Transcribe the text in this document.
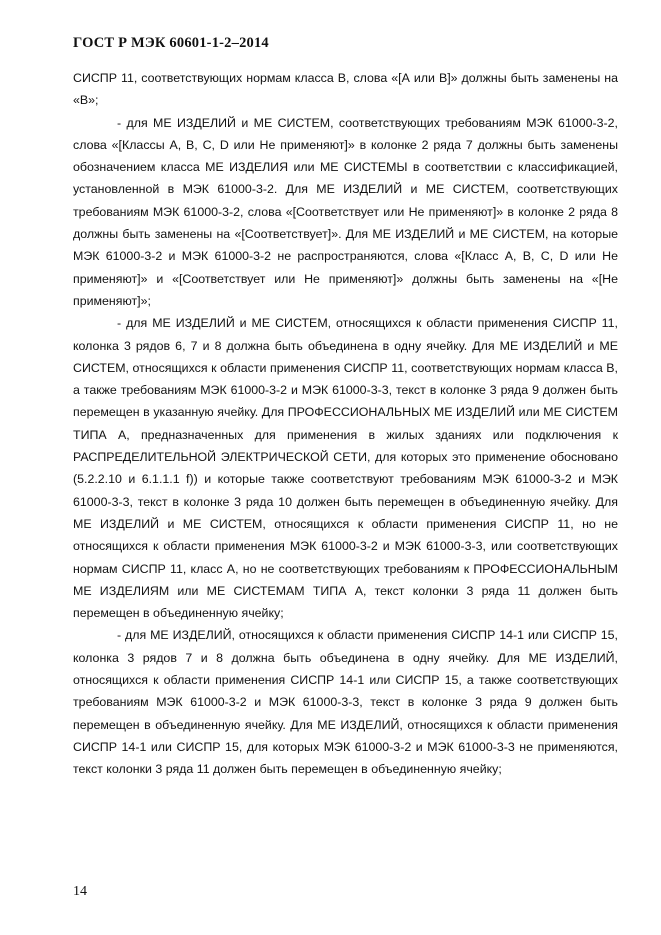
ГОСТ Р МЭК 60601-1-2–2014

СИСПР 11, соответствующих нормам класса В, слова «[А или В]» должны быть заменены на «В»;

- для МЕ ИЗДЕЛИЙ и МЕ СИСТЕМ, соответствующих требованиям МЭК 61000-3-2, слова «[Классы А, В, С, D или Не применяют]» в колонке 2 ряда 7 должны быть заменены обозначением класса МЕ ИЗДЕЛИЯ или МЕ СИСТЕМЫ в соответствии с классификацией, установленной в МЭК 61000-3-2. Для МЕ ИЗДЕЛИЙ и МЕ СИСТЕМ, соответствующих требованиям МЭК 61000-3-2, слова «[Соответствует или Не применяют]» в колонке 2 ряда 8 должны быть заменены на «[Соответствует]». Для МЕ ИЗДЕЛИЙ и МЕ СИСТЕМ, на которые МЭК 61000-3-2 и МЭК 61000-3-2 не распространяются, слова «[Класс А, В, С, D или Не применяют]» и «[Соответствует или Не применяют]» должны быть заменены на «[Не применяют]»;

- для МЕ ИЗДЕЛИЙ и МЕ СИСТЕМ, относящихся к области применения СИСПР 11, колонка 3 рядов 6, 7 и 8 должна быть объединена в одну ячейку. Для МЕ ИЗДЕЛИЙ и МЕ СИСТЕМ, относящихся к области применения СИСПР 11, соответствующих нормам класса В, а также требованиям МЭК 61000-3-2 и МЭК 61000-3-3, текст в колонке 3 ряда 9 должен быть перемещен в указанную ячейку. Для ПРОФЕССИОНАЛЬНЫХ МЕ ИЗДЕЛИЙ или МЕ СИСТЕМ ТИПА А, предназначенных для применения в жилых зданиях или подключения к РАСПРЕДЕЛИТЕЛЬНОЙ ЭЛЕКТРИЧЕСКОЙ СЕТИ, для которых это применение обосновано (5.2.2.10 и 6.1.1.1 f)) и которые также соответствуют требованиям МЭК 61000-3-2 и МЭК 61000-3-3, текст в колонке 3 ряда 10 должен быть перемещен в объединенную ячейку. Для МЕ ИЗДЕЛИЙ и МЕ СИСТЕМ, относящихся к области применения СИСПР 11, но не относящихся к области применения МЭК 61000-3-2 и МЭК 61000-3-3, или соответствующих нормам СИСПР 11, класс А, но не соответствующих требованиям к ПРОФЕССИОНАЛЬНЫМ МЕ ИЗДЕЛИЯМ или МЕ СИСТЕМАМ ТИПА А, текст колонки 3 ряда 11 должен быть перемещен в объединенную ячейку;

- для МЕ ИЗДЕЛИЙ, относящихся к области применения СИСПР 14-1 или СИСПР 15, колонка 3 рядов 7 и 8 должна быть объединена в одну ячейку. Для МЕ ИЗДЕЛИЙ, относящихся к области применения СИСПР 14-1 или СИСПР 15, а также соответствующих требованиям МЭК 61000-3-2 и МЭК 61000-3-3, текст в колонке 3 ряда 9 должен быть перемещен в объединенную ячейку. Для МЕ ИЗДЕЛИЙ, относящихся к области применения СИСПР 14-1 или СИСПР 15, для которых МЭК 61000-3-2 и МЭК 61000-3-3 не применяются, текст колонки 3 ряда 11 должен быть перемещен в объединенную ячейку;

14
